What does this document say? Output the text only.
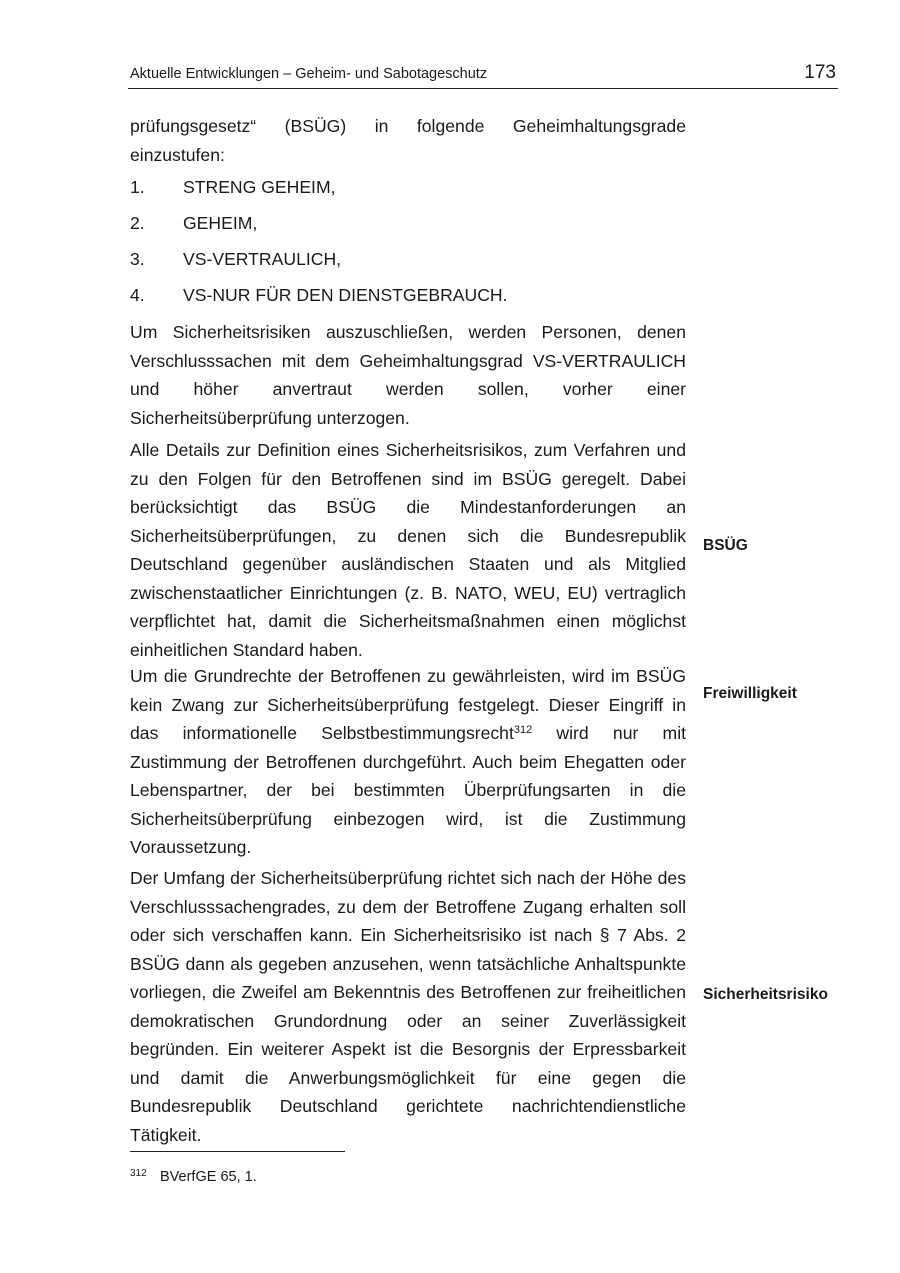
Aktuelle Entwicklungen – Geheim- und Sabotageschutz	173

prüfungsgesetz“ (BSÜG) in folgende Geheimhaltungsgrade einzustufen:

1. STRENG GEHEIM,
2. GEHEIM,
3. VS-VERTRAULICH,
4. VS-NUR FÜR DEN DIENSTGEBRAUCH.

Um Sicherheitsrisiken auszuschließen, werden Personen, denen Verschlusssachen mit dem Geheimhaltungsgrad VS-VERTRAULICH und höher anvertraut werden sollen, vorher einer Sicherheitsüberprüfung unterzogen.

Alle Details zur Definition eines Sicherheitsrisikos, zum Verfahren und zu den Folgen für den Betroffenen sind im BSÜG geregelt. Dabei berücksichtigt das BSÜG die Mindestanforderungen an Sicherheitsüberprüfungen, zu denen sich die Bundesrepublik Deutschland gegenüber ausländischen Staaten und als Mitglied zwischenstaatlicher Einrichtungen (z. B. NATO, WEU, EU) vertraglich verpflichtet hat, damit die Sicherheitsmaßnahmen einen möglichst einheitlichen Standard haben.

Um die Grundrechte der Betroffenen zu gewährleisten, wird im BSÜG kein Zwang zur Sicherheitsüberprüfung festgelegt. Dieser Eingriff in das informationelle Selbstbestimmungsrecht$^{312}$ wird nur mit Zustimmung der Betroffenen durchgeführt. Auch beim Ehegatten oder Lebenspartner, der bei bestimmten Überprüfungsarten in die Sicherheitsüberprüfung einbezogen wird, ist die Zustimmung Voraussetzung.

Der Umfang der Sicherheitsüberprüfung richtet sich nach der Höhe des Verschlusssachengrades, zu dem der Betroffene Zugang erhalten soll oder sich verschaffen kann. Ein Sicherheitsrisiko ist nach § 7 Abs. 2 BSÜG dann als gegeben anzusehen, wenn tatsächliche Anhaltspunkte vorliegen, die Zweifel am Bekenntnis des Betroffenen zur freiheitlichen demokratischen Grundordnung oder an seiner Zuverlässigkeit begründen. Ein weiterer Aspekt ist die Besorgnis der Erpressbarkeit und damit die Anwerbungsmöglichkeit für eine gegen die Bundesrepublik Deutschland gerichtete nachrichtendienstliche Tätigkeit.

BSÜG
Freiwilligkeit
Sicherheitsrisiko
312 BVerfGE 65, 1.
